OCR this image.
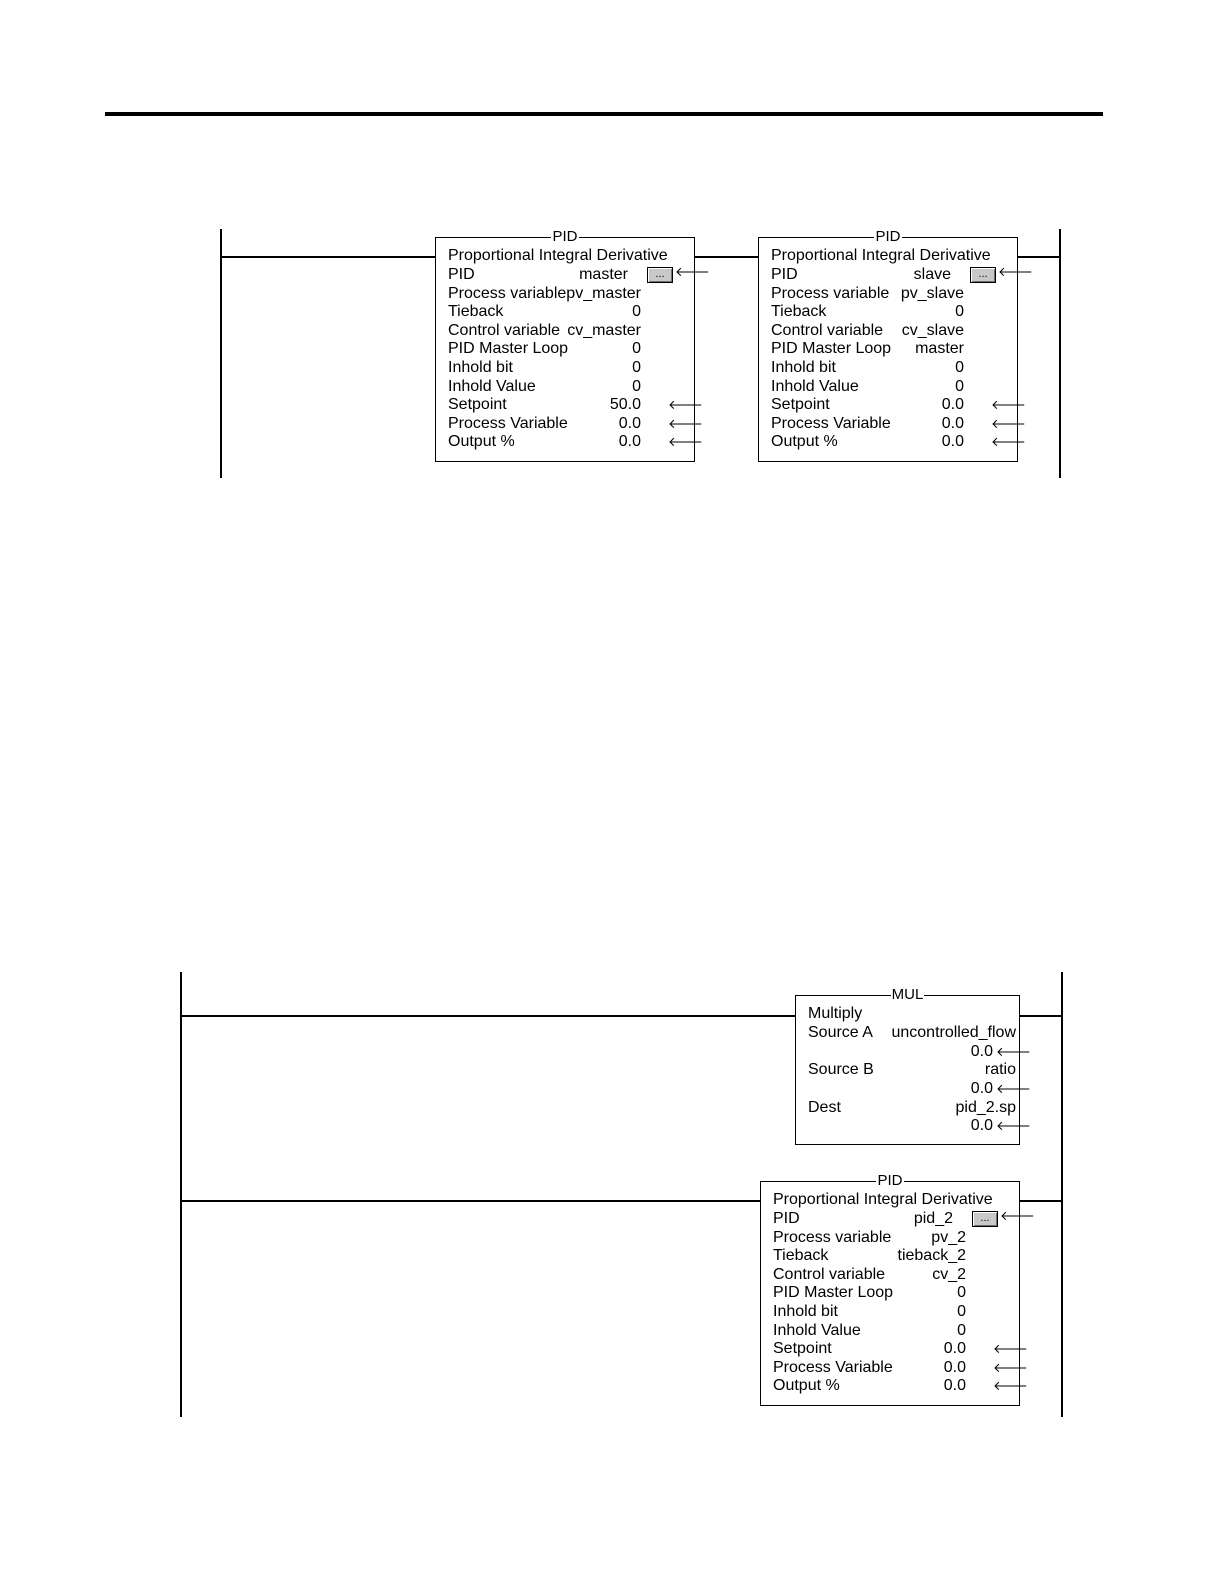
PID
Proportional Integral Derivative
PID	master	... 🡐
Process variable pv_master
Tieback	0
Control variable cv_master
PID Master Loop	0
Inhold bit	0
Inhold Value	0
Setpoint	50.0 🡐
Process Variable	0.0 🡐
Output %	0.0 🡐
PID
Proportional Integral Derivative
PID	slave	... 🡐
Process variable pv_slave
Tieback	0
Control variable cv_slave
PID Master Loop master
Inhold bit	0
Inhold Value	0
Setpoint	0.0 🡐
Process Variable	0.0 🡐
Output %	0.0 🡐
MUL
Multiply
Source A uncontrolled_flow
0.0 🡐
Source B	ratio
0.0 🡐
Dest	pid_2.sp
0.0 🡐
PID
Proportional Integral Derivative
PID	pid_2	... 🡐
Process variable	pv_2
Tieback	tieback_2
Control variable	cv_2
PID Master Loop	0
Inhold bit	0
Inhold Value	0
Setpoint	0.0 🡐
Process Variable	0.0 🡐
Output %	0.0 🡐
